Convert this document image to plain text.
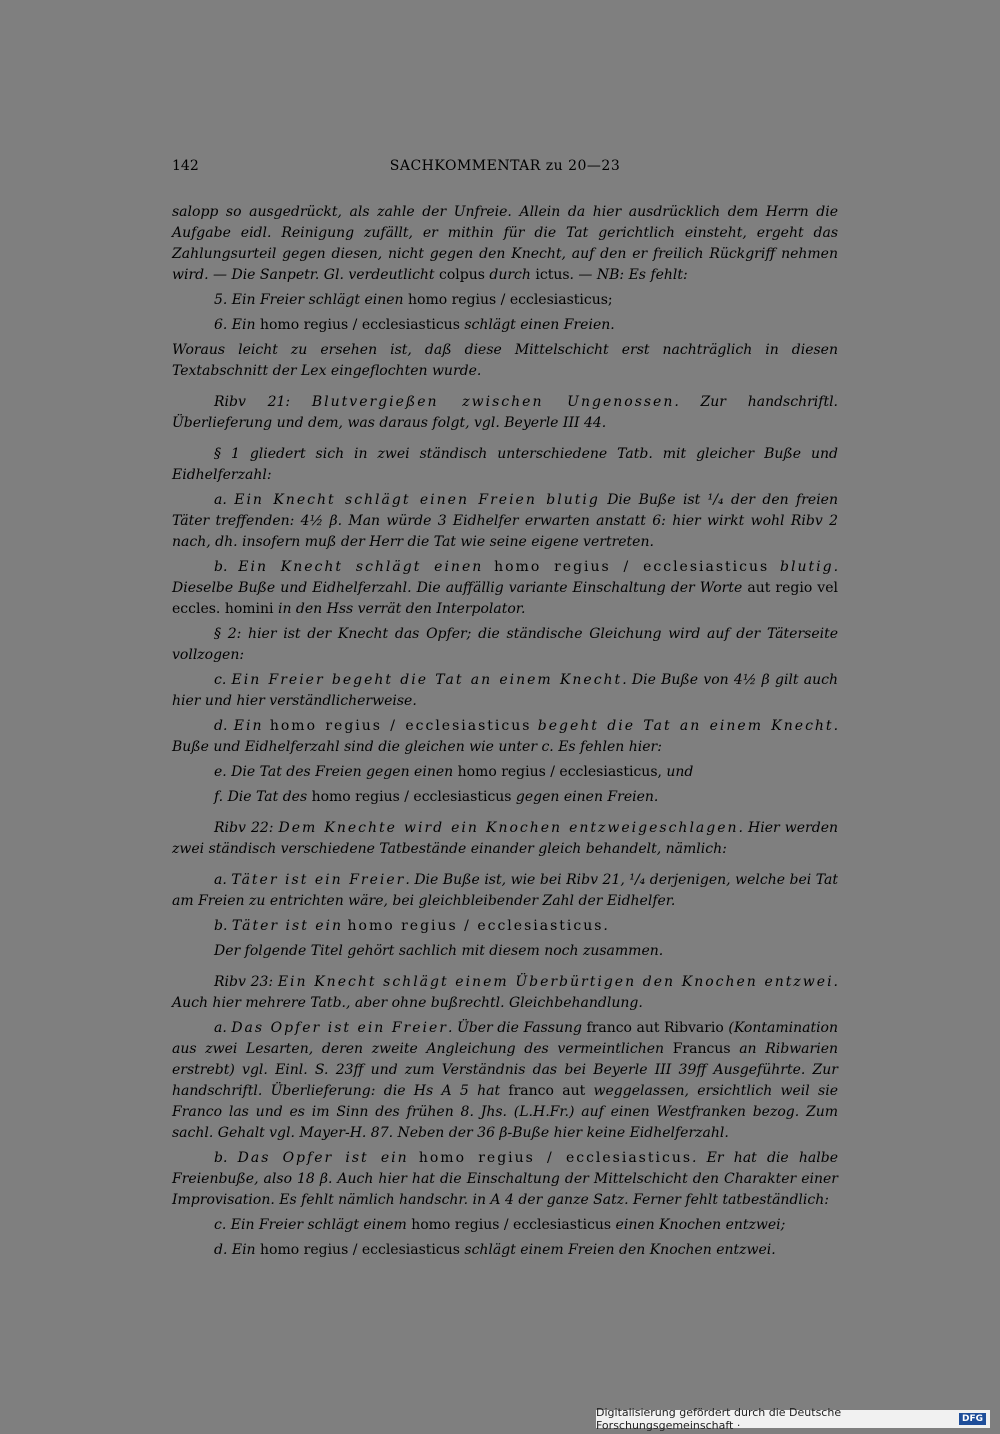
142	SACHKOMMENTAR zu 20—23

salopp so ausgedrückt, als zahle der Unfreie. Allein da hier ausdrücklich dem Herrn die Aufgabe eidl. Reinigung zufällt, er mithin für die Tat gerichtlich einsteht, ergeht das Zahlungsurteil gegen diesen, nicht gegen den Knecht, auf den er freilich Rückgriff nehmen wird. — Die Sanpetr. Gl. verdeutlicht colpus durch ictus. — NB: Es fehlt:

5. Ein Freier schlägt einen homo regius / ecclesiasticus;

6. Ein homo regius / ecclesiasticus schlägt einen Freien.

Woraus leicht zu ersehen ist, daß diese Mittelschicht erst nachträglich in diesen Textabschnitt der Lex eingeflochten wurde.

Ribv 21: Blutvergießen zwischen Ungenossen. Zur handschriftl. Überlieferung und dem, was daraus folgt, vgl. Beyerle III 44.

§ 1 gliedert sich in zwei ständisch unterschiedene Tatb. mit gleicher Buße und Eidhelferzahl:

a. Ein Knecht schlägt einen Freien blutig Die Buße ist ¹/₄ der den freien Täter treffenden: 4½ β. Man würde 3 Eidhelfer erwarten anstatt 6: hier wirkt wohl Ribv 2 nach, dh. insofern muß der Herr die Tat wie seine eigene vertreten.

b. Ein Knecht schlägt einen homo regius / ecclesiasticus blutig. Dieselbe Buße und Eidhelferzahl. Die auffällig variante Einschaltung der Worte aut regio vel eccles. homini in den Hss verrät den Interpolator.

§ 2: hier ist der Knecht das Opfer; die ständische Gleichung wird auf der Täterseite vollzogen:

c. Ein Freier begeht die Tat an einem Knecht. Die Buße von 4½ β gilt auch hier und hier verständlicherweise.

d. Ein homo regius / ecclesiasticus begeht die Tat an einem Knecht. Buße und Eidhelferzahl sind die gleichen wie unter c. Es fehlen hier:

e. Die Tat des Freien gegen einen homo regius / ecclesiasticus, und

f. Die Tat des homo regius / ecclesiasticus gegen einen Freien.

Ribv 22: Dem Knechte wird ein Knochen entzweigeschlagen. Hier werden zwei ständisch verschiedene Tatbestände einander gleich behandelt, nämlich:

a. Täter ist ein Freier. Die Buße ist, wie bei Ribv 21, ¹/₄ derjenigen, welche bei Tat am Freien zu entrichten wäre, bei gleichbleibender Zahl der Eidhelfer.

b. Täter ist ein homo regius / ecclesiasticus.

Der folgende Titel gehört sachlich mit diesem noch zusammen.

Ribv 23: Ein Knecht schlägt einem Überbürtigen den Knochen entzwei. Auch hier mehrere Tatb., aber ohne bußrechtl. Gleichbehandlung.

a. Das Opfer ist ein Freier. Über die Fassung franco aut Ribvario (Kontamination aus zwei Lesarten, deren zweite Angleichung des vermeintlichen Francus an Ribwarien erstrebt) vgl. Einl. S. 23ff und zum Verständnis das bei Beyerle III 39ff Ausgeführte. Zur handschriftl. Überlieferung: die Hs A 5 hat franco aut weggelassen, ersichtlich weil sie Franco las und es im Sinn des frühen 8. Jhs. (L.H.Fr.) auf einen Westfranken bezog. Zum sachl. Gehalt vgl. Mayer-H. 87. Neben der 36 β-Buße hier keine Eidhelferzahl.

b. Das Opfer ist ein homo regius / ecclesiasticus. Er hat die halbe Freienbuße, also 18 β. Auch hier hat die Einschaltung der Mittelschicht den Charakter einer Improvisation. Es fehlt nämlich handschr. in A 4 der ganze Satz. Ferner fehlt tatbeständlich:

c. Ein Freier schlägt einem homo regius / ecclesiasticus einen Knochen entzwei;

d. Ein homo regius / ecclesiasticus schlägt einem Freien den Knochen entzwei.

Digitalisierung gefördert durch die Deutsche Forschungsgemeinschaft ·	DFG
